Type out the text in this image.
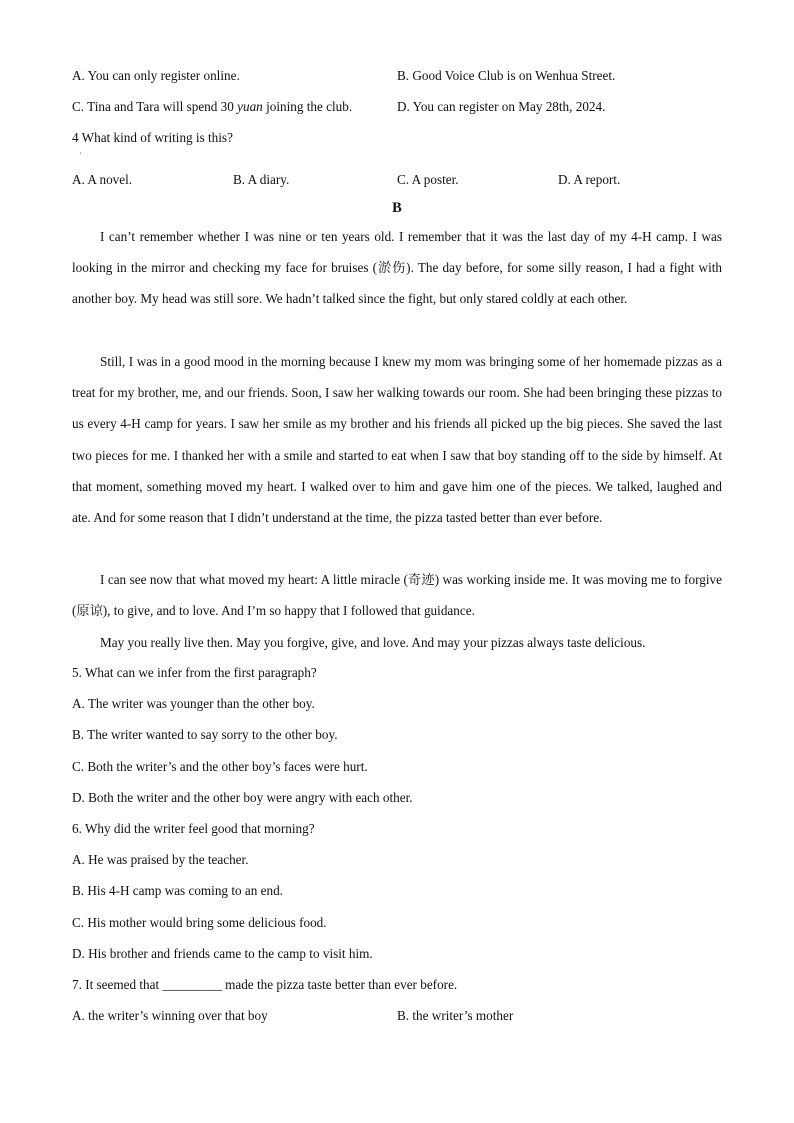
A. You can only register online.	B. Good Voice Club is on Wenhua Street.
C. Tina and Tara will spend 30 yuan joining the club.	D. You can register on May 28th, 2024.
4 What kind of writing is this?
·
A. A novel.	B. A diary.	C. A poster.	D. A report.
B
I can’t remember whether I was nine or ten years old. I remember that it was the last day of my 4-H camp. I was looking in the mirror and checking my face for bruises (淤伤). The day before, for some silly reason, I had a fight with another boy. My head was still sore. We hadn’t talked since the fight, but only stared coldly at each other.
Still, I was in a good mood in the morning because I knew my mom was bringing some of her homemade pizzas as a treat for my brother, me, and our friends. Soon, I saw her walking towards our room. She had been bringing these pizzas to us every 4-H camp for years. I saw her smile as my brother and his friends all picked up the big pieces. She saved the last two pieces for me. I thanked her with a smile and started to eat when I saw that boy standing off to the side by himself. At that moment, something moved my heart. I walked over to him and gave him one of the pieces. We talked, laughed and ate. And for some reason that I didn’t understand at the time, the pizza tasted better than ever before.
I can see now that what moved my heart: A little miracle (奇迹) was working inside me. It was moving me to forgive (原谅), to give, and to love. And I’m so happy that I followed that guidance.
May you really live then. May you forgive, give, and love. And may your pizzas always taste delicious.
5. What can we infer from the first paragraph?
A. The writer was younger than the other boy.
B. The writer wanted to say sorry to the other boy.
C. Both the writer’s and the other boy’s faces were hurt.
D. Both the writer and the other boy were angry with each other.
6. Why did the writer feel good that morning?
A. He was praised by the teacher.
B. His 4-H camp was coming to an end.
C. His mother would bring some delicious food.
D. His brother and friends came to the camp to visit him.
7. It seemed that _________ made the pizza taste better than ever before.
A. the writer’s winning over that boy	B. the writer’s mother
